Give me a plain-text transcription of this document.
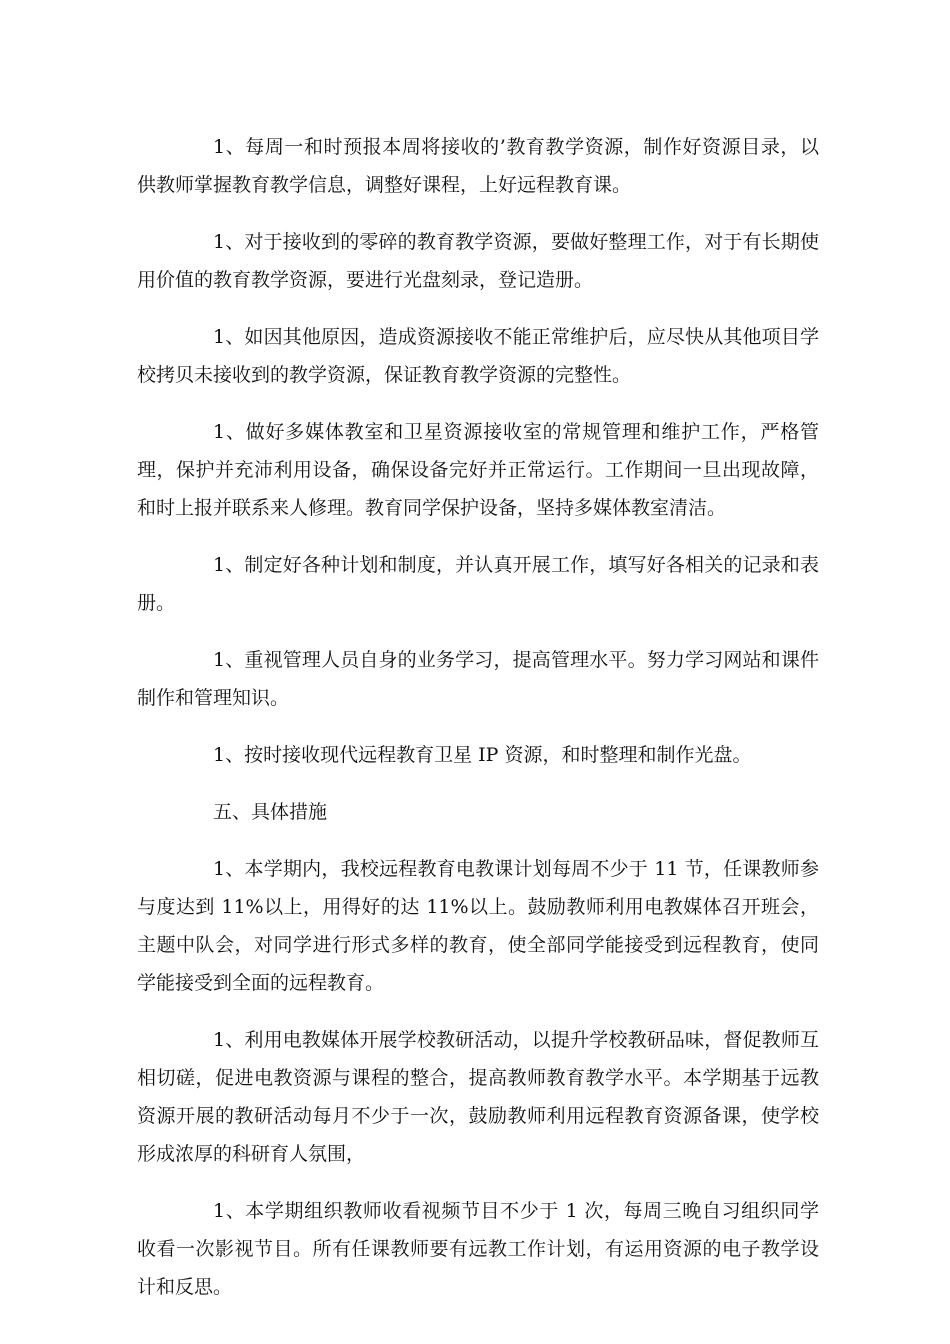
1、每周一和时预报本周将接收的’教育教学资源，制作好资源目录，以供教师掌握教育教学信息，调整好课程，上好远程教育课。

1、对于接收到的零碎的教育教学资源，要做好整理工作，对于有长期使用价值的教育教学资源，要进行光盘刻录，登记造册。

1、如因其他原因，造成资源接收不能正常维护后，应尽快从其他项目学校拷贝未接收到的教学资源，保证教育教学资源的完整性。

1、做好多媒体教室和卫星资源接收室的常规管理和维护工作，严格管理，保护并充沛利用设备，确保设备完好并正常运行。工作期间一旦出现故障，和时上报并联系来人修理。教育同学保护设备，坚持多媒体教室清洁。

1、制定好各种计划和制度，并认真开展工作，填写好各相关的记录和表册。

1、重视管理人员自身的业务学习，提高管理水平。努力学习网站和课件制作和管理知识。

1、按时接收现代远程教育卫星 IP 资源，和时整理和制作光盘。

五、具体措施

1、本学期内，我校远程教育电教课计划每周不少于 11 节，任课教师参与度达到 11%以上，用得好的达 11%以上。鼓励教师利用电教媒体召开班会，主题中队会，对同学进行形式多样的教育，使全部同学能接受到远程教育，使同学能接受到全面的远程教育。

1、利用电教媒体开展学校教研活动，以提升学校教研品味，督促教师互相切磋，促进电教资源与课程的整合，提高教师教育教学水平。本学期基于远教资源开展的教研活动每月不少于一次，鼓励教师利用远程教育资源备课，使学校形成浓厚的科研育人氛围，

1、本学期组织教师收看视频节目不少于 1 次，每周三晚自习组织同学收看一次影视节目。所有任课教师要有远教工作计划，有运用资源的电子教学设计和反思。
